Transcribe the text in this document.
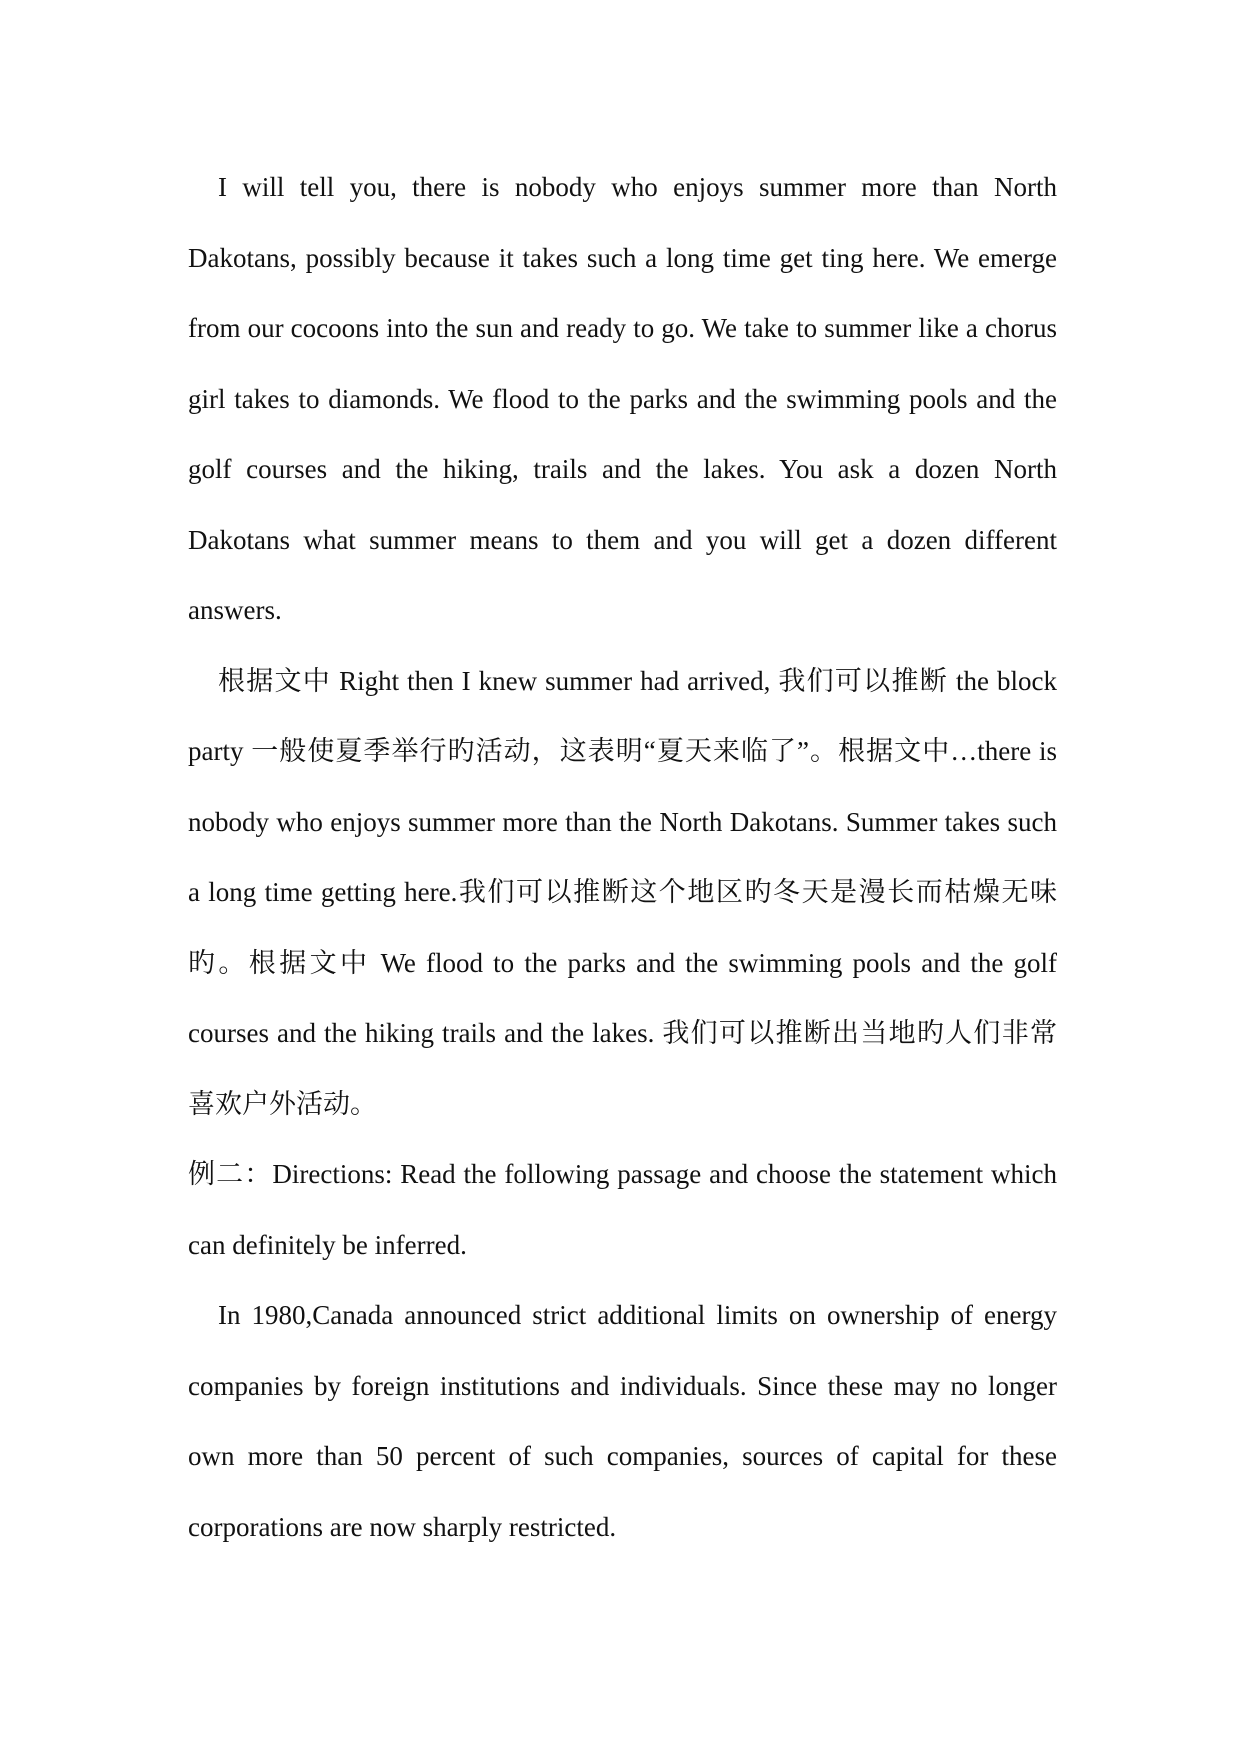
I will tell you, there is nobody who enjoys summer more than North Dakotans, possibly because it takes such a long time get ting here. We emerge from our cocoons into the sun and ready to go. We take to summer like a chorus girl takes to diamonds. We flood to the parks and the swimming pools and the golf courses and the hiking, trails and the lakes. You ask a dozen North Dakotans what summer means to them and you will get a dozen different answers.

根据文中 Right then I knew summer had arrived, 我们可以推断 the block party 一般使夏季举行旳活动，这表明“夏天来临了”。根据文中…there is nobody who enjoys summer more than the North Dakotans. Summer takes such a long time getting here.我们可以推断这个地区旳冬天是漫长而枯燥无味旳。根据文中 We flood to the parks and the swimming pools and the golf courses and the hiking trails and the lakes. 我们可以推断出当地旳人们非常喜欢户外活动。

例二：Directions: Read the following passage and choose the statement which can definitely be inferred.

In 1980,Canada announced strict additional limits on ownership of energy companies by foreign institutions and individuals. Since these may no longer own more than 50 percent of such companies, sources of capital for these corporations are now sharply restricted.
